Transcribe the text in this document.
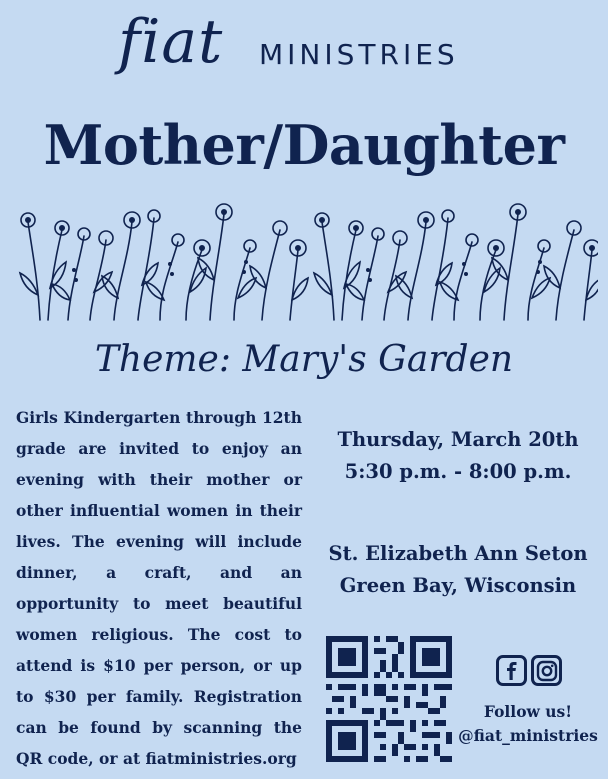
fiat MINISTRIES
Mother/Daughter
Theme: Mary's Garden
Girls Kindergarten through 12th grade are invited to enjoy an evening with their mother or other influential women in their lives. The evening will include dinner, a craft, and an opportunity to meet beautiful women religious. The cost to attend is $10 per person, or up to $30 per family. Registration can be found by scanning the QR code, or at fiatministries.org
Thursday, March 20th
5:30 p.m. - 8:00 p.m.
St. Elizabeth Ann Seton
Green Bay, Wisconsin
Follow us!
@fiat_ministries
